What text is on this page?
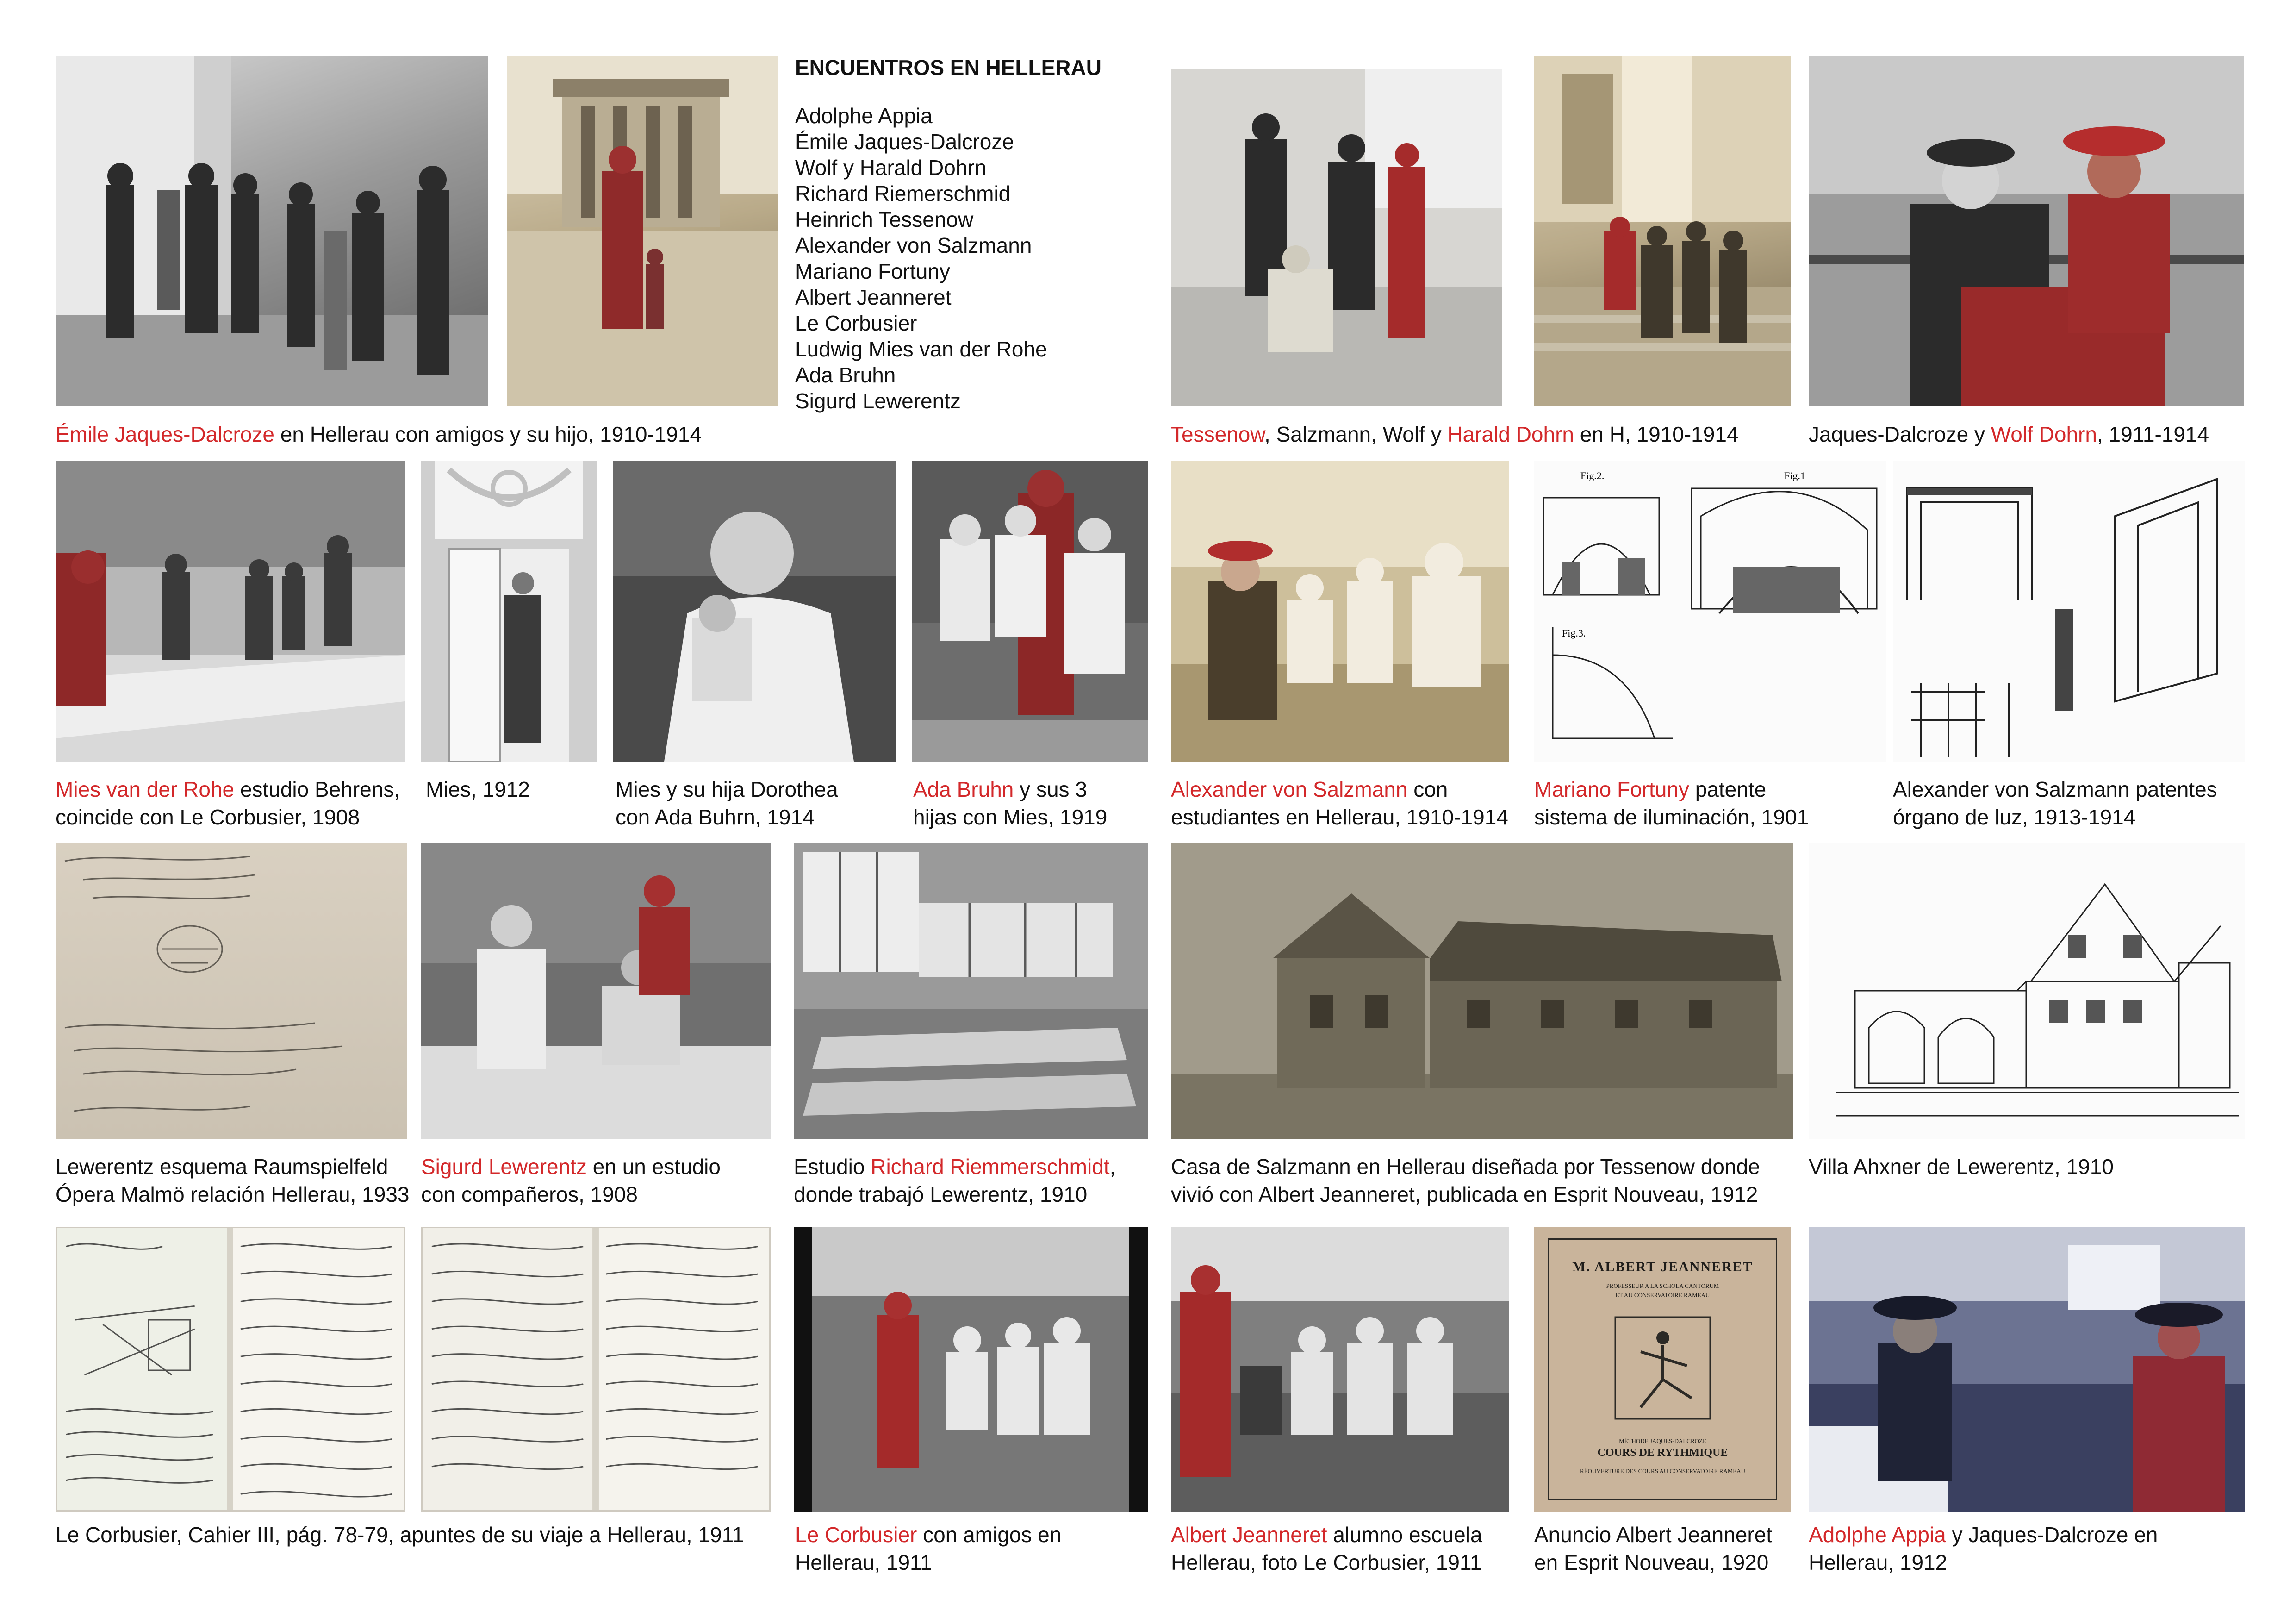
ENCUENTROS EN HELLERAU
Adolphe Appia
Émile Jaques-Dalcroze
Wolf y Harald Dohrn
Richard Riemerschmid
Heinrich Tessenow
Alexander von Salzmann
Mariano Fortuny
Albert Jeanneret
Le Corbusier
Ludwig Mies van der Rohe
Ada Bruhn
Sigurd Lewerentz
Émile Jaques-Dalcroze en Hellerau con amigos y su hijo, 1910-1914	Tessenow, Salzmann, Wolf y Harald Dohrn en H, 1910-1914	Jaques-Dalcroze y Wolf Dohrn, 1911-1914
Fig.2.	Fig.1
Fig.3.
Mies van der Rohe estudio Behrens,
coincide con Le Corbusier, 1908
Mies, 1912	Mies y su hija Dorothea
con Ada Buhrn, 1914
Ada Bruhn y sus 3
hijas con Mies, 1919
Alexander von Salzmann con
estudiantes en Hellerau, 1910-1914
Mariano Fortuny patente
sistema de iluminación, 1901
Alexander von Salzmann patentes
órgano de luz, 1913-1914
Lewerentz esquema Raumspielfeld
Ópera Malmö relación Hellerau, 1933
Sigurd Lewerentz en un estudio
con compañeros, 1908
Estudio Richard Riemmerschmidt,
donde trabajó Lewerentz, 1910
Casa de Salzmann en Hellerau diseñada por Tessenow donde
vivió con Albert Jeanneret, publicada en Esprit Nouveau, 1912
Villa Ahxner de Lewerentz, 1910
M. ALBERT JEANNERET
PROFESSEUR A LA SCHOLA CANTORUM
ET AU CONSERVATOIRE RAMEAU
MÉTHODE JAQUES-DALCROZE
COURS DE RYTHMIQUE
RÉOUVERTURE DES COURS AU CONSERVATOIRE RAMEAU
Le Corbusier, Cahier III, pág. 78-79, apuntes de su viaje a Hellerau, 1911 Le Corbusier con amigos en
Hellerau, 1911
Albert Jeanneret alumno escuela
Hellerau, foto Le Corbusier, 1911
Anuncio Albert Jeanneret
en Esprit Nouveau, 1920
Adolphe Appia y Jaques-Dalcroze en
Hellerau, 1912
